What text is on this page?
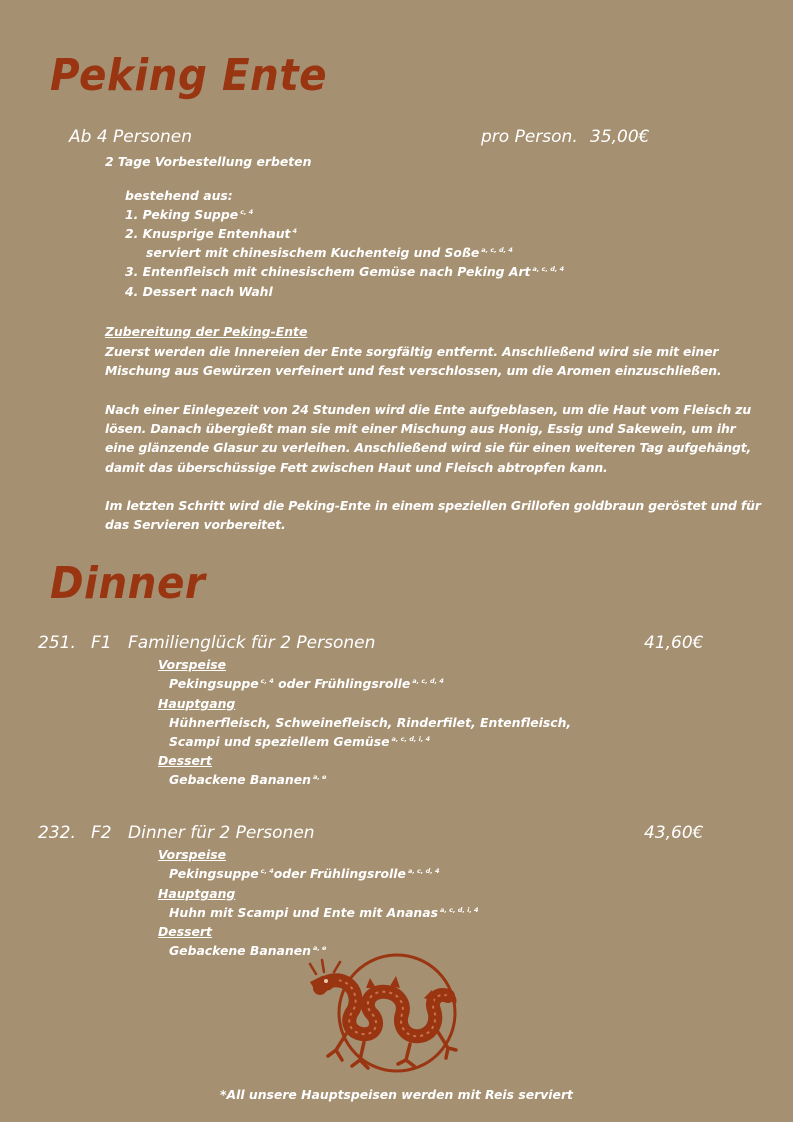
Peking Ente
Ab 4 Personen	pro Person. 35,00€
2 Tage Vorbestellung erbeten
bestehend aus:
1. Peking Suppe $^{c, 4}$
2. Knusprige Entenhaut $^4$
serviert mit chinesischem Kuchenteig und Soße $^{a, c, d, 4}$
3. Entenfleisch mit chinesischem Gemüse nach Peking Art $^{a, c, d, 4}$
4. Dessert nach Wahl
Zubereitung der Peking-Ente
Zuerst werden die Innereien der Ente sorgfältig entfernt. Anschließend wird sie mit einer Mischung aus Gewürzen verfeinert und fest verschlossen, um die Aromen einzuschließen.
Nach einer Einlegezeit von 24 Stunden wird die Ente aufgeblasen, um die Haut vom Fleisch zu lösen. Danach übergießt man sie mit einer Mischung aus Honig, Essig und Sakewein, um ihr eine glänzende Glasur zu verleihen. Anschließend wird sie für einen weiteren Tag aufgehängt, damit das überschüssige Fett zwischen Haut und Fleisch abtropfen kann.
Im letzten Schritt wird die Peking-Ente in einem speziellen Grillofen goldbraun geröstet und für das Servieren vorbereitet.
Dinner
251. F1 Familienglück für 2 Personen	41,60€
Vorspeise
Pekingsuppe $^{c, 4}$ oder Frühlingsrolle $^{a, c, d, 4}$
Hauptgang
Hühnerfleisch, Schweinefleisch, Rinderfilet, Entenfleisch,
Scampi und speziellem Gemüse $^{a, c, d, i, 4}$
Dessert
Gebackene Bananen $^{a, e}$
232. F2 Dinner für 2 Personen	43,60€
Vorspeise
Pekingsuppe $^{c, 4}$oder Frühlingsrolle $^{a, c, d, 4}$
Hauptgang
Huhn mit Scampi und Ente mit Ananas $^{a, c, d, i, 4}$
Dessert
Gebackene Bananen $^{a, e}$
*All unsere Hauptspeisen werden mit Reis serviert
